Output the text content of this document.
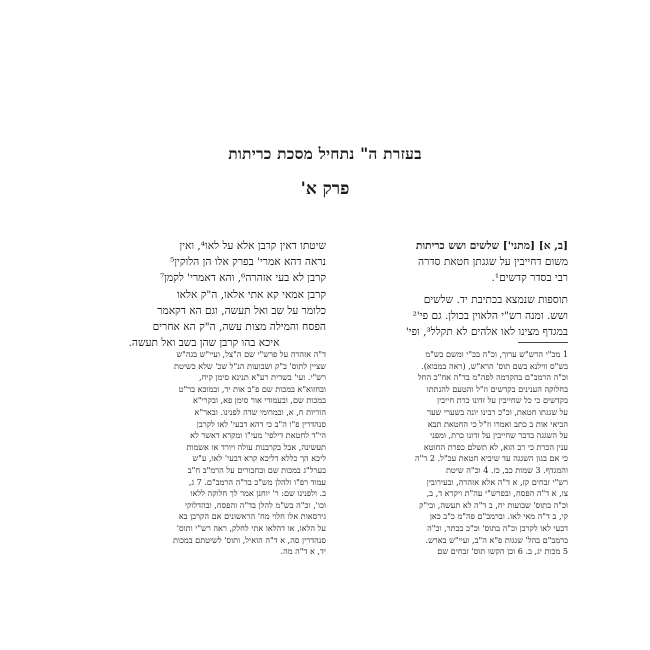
בעזרת ה" נתחיל מסכת כריתות
פרק א'
[ב, א] [מתני'] שלשים ושש כריתות
משום דחייבין על שגגתן חטאת סדרה
רבי בסדר קדשים¹.
תוספות שנמצא בכתיבת יד. שלשים
ושש. ומנה רש"י הלאוין בכולן. גם פי'²
במגדף מצינו לאו אלהים לא תקלל³, ופי'
שיטתו דאין קרבן אלא על לאו⁴, ואין
נראה דהא אמרי' בפרק אלו הן הלוקין⁵
קרבן לא בעי אזהרה⁶, והא דאמרי' לקמן⁷
קרבן אמאי קא אתי אלאו, ה"ק אלאו
כלומר על שב ואל תעשה, וגם הא דקאמר
הפסח והמילה מצות עשה, ה"ק הא אחרים
איכא בהו קרבן שהן בשב ואל תעשה.
1 מכ"י הרש"ש ערוך, וכ"ה בכ"י ומשם בש"מ
בש"ס ווילנא בשם תוס' הרא"ש, (ראה במבוא).
וכ"ה הרמב"ם בהקדמה לפה"מ בד"ה אח"כ החל
בחלוקה הענינים בקדשים וז"ל והטעם להנתתו
בקדשים כי כל שחייבין על זדונו כרת חייבין
על שגגתו חטאת, וכ"כ רבינו יונה בשערי שער
הביאי אות ב כתב ואמרו וז"ל כי החטאת תבא
על השגגה בדבר שחייבין על זדונו כרת, ומפני
ענין הכרת כי רב הוא, לא תשלם כפרת החוטא
כי אם בגון השגגה עד שיביא חטאת עכ"ל. 2 ד"ה
והמגדף. 3 שמות כב, כז. 4 וכ"ה שיטת
רש"י זבחים קז, א ד"ה אלא אזהרה, ובעירובין
צו, א ד"ה הפסח, ובפרש"י עה"ת ויקרא ד, ב,
וכ"ה בתוס' שבועות יח, ב ד"ה לא תעשה, ובי"ק
קי, ב ד"ה מאי לאו. וברמב"ם פה"מ כ"ב כאן
דבעי לאו לקרבן וכ"ה בתוס' וכ"כ בכתר, וכ"ה
ברמב"ם בהל' שגגות פ"א ה"ב, ועיי"ש בארש.
5 מכות יג, ב. 6 וכן הקשו תוס' זבחים שם
ד"ה אזהרה על פרש"י שם ה"צל, ועיי"ש בגה"ש
שציין לתוס' ב"ק ושבועות הנ"ל שכ' שלא כשיטת
רש"י. ועי' בשרית רע"א תנינא סימן קיח,
ובחזוא"א במכות שם פ"ב אות יד, ובמוכא בר"ט
במכות שם, ובעמודי אור סימן פא, ובקרי"א
הוריות ח, א, ובמרומי שדה לפנינו. ובאר"א
סנהדרין פ"ו ה"ב כי דהא דבעי' לאו לקרבן
הי"ד לחטאת דילפי' מעי"ו ומקרא דאשר לא
תעשינה, אבל בקרבנות עולה ויורד או אשמות
ליכא הך כללא דליכא קרא דבעי' לאו, ע"ש
בערל"ג במכות שם ובחבורים על הרמ"ב ח"ב
עמוד רפ"ו ולהלן מש"כ בד"ה הרמב"ם. 7 ג,
ב. ולפנינו שם: ר' יוחנן אמר לך חלוקה ללאו
וכו', וכ"ה בש"מ להלן בד"ה והפסח, ובהדלוקי
גירסאות אלו חלוי מח' הראשונים אם הקרבן בא
על הלאו, או דהלאו אתי לחלק, ראה רש"י ותוס'
סנהדרין סה, א ד"ה הואיל, ותוס' לשיטתם במכות
יד, א ד"ה מה.
